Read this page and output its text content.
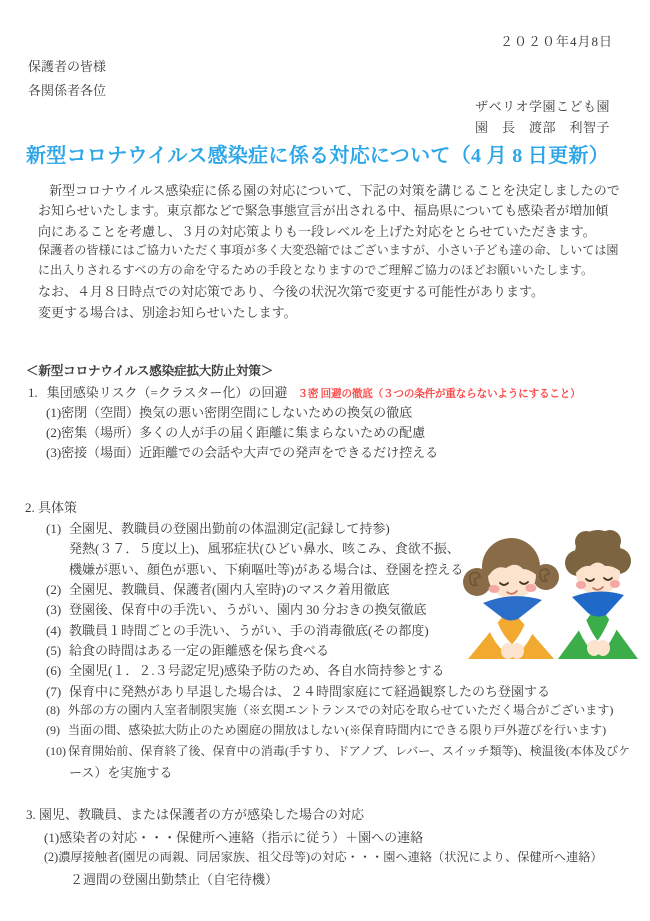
２０２０年4月8日
保護者の皆様
各関係者各位
ザベリオ学園こども園
園　長　渡部　利智子
新型コロナウイルス感染症に係る対応について（4 月 8 日更新）
新型コロナウイルス感染症に係る園の対応について、下記の対策を講じることを決定しましたので
お知らせいたします。東京都などで緊急事態宣言が出される中、福島県についても感染者が増加傾
向にあることを考慮し、３月の対応策よりも一段レベルを上げた対応をとらせていただきます。
保護者の皆様にはご協力いただく事項が多く大変恐縮ではございますが、小さい子ども達の命、しいては園
に出入りされるすべの方の命を守るための手段となりますのでご理解ご協力のほどお願いいたします。
なお、４月８日時点での対応策であり、今後の状況次第で変更する可能性があります。
変更する場合は、別途お知らせいたします。
＜新型コロナウイルス感染症拡大防止対策＞
1. 集団感染リスク（=クラスター化）の回避 ３密 回避の徹底（３つの条件が重ならないようにすること）
(1)密閉（空間）換気の悪い密閉空間にしないための換気の徹底
(2)密集（場所）多くの人が手の届く距離に集まらないための配慮
(3)密接（場面）近距離での会話や大声での発声をできるだけ控える
2. 具体策
(1) 全園児、教職員の登園出勤前の体温測定(記録して持参)
発熱(３７．５度以上)、風邪症状(ひどい鼻水、咳こみ、食欲不振、
機嫌が悪い、顔色が悪い、下痢嘔吐等)がある場合は、登園を控える
(2) 全園児、教職員、保護者(園内入室時)のマスク着用徹底
(3) 登園後、保育中の手洗い、うがい、園内 30 分おきの換気徹底
(4) 教職員１時間ごとの手洗い、うがい、手の消毒徹底(その都度)
(5) 給食の時間はある一定の距離感を保ち食べる
(6) 全園児(１．２.３号認定児)感染予防のため、各自水筒持参とする
(7) 保育中に発熱があり早退した場合は、２４時間家庭にて経過観察したのち登園する
(8) 外部の方の園内入室者制限実施（※玄関エントランスでの対応を取らせていただく場合がございます)
(9) 当面の間、感染拡大防止のため園庭の開放はしない(※保育時間内にできる限り戸外遊びを行います)
(10) 保育開始前、保育終了後、保育中の消毒(手すり、ドアノブ、レバー、スイッチ類等)、検温後(本体及びケ
ース）を実施する
3. 園児、教職員、または保護者の方が感染した場合の対応
(1)感染者の対応・・・保健所へ連絡（指示に従う）＋園への連絡
(2)濃厚接触者(園児の両親、同居家族、祖父母等)の対応・・・園へ連絡（状況により、保健所へ連絡）
２週間の登園出勤禁止（自宅待機）
